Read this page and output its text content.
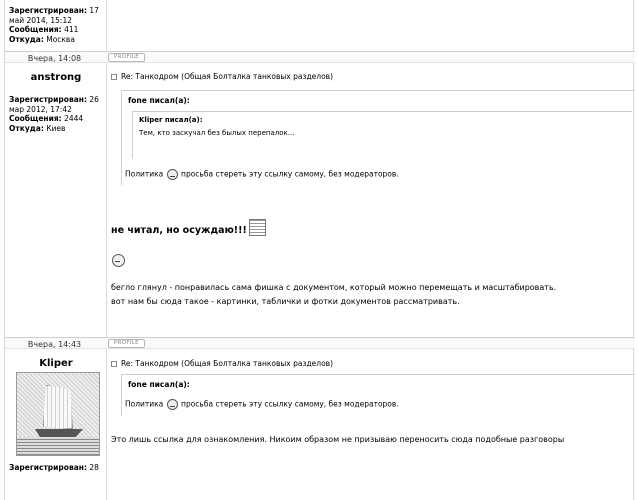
Зарегистрирован: 17
май 2014, 15:12
Сообщения: 411
Откуда: Москва
Вчера, 14:08	PROFILE
anstrong
Зарегистрирован: 26
мар 2012, 17:42
Сообщения: 2444
Откуда: Киев
Re: Танкодром (Общая Болталка танковых разделов)
fone писал(а):
Kliper писал(а):
Тем, кто заскучал без былых перепалок...
Политика просьба стереть эту ссылку самому, без модераторов.
не читал, но осуждаю!!!
бегло глянул - понравилась сама фишка с документом, который можно перемещать и масштабировать.
вот нам бы сюда такое - картинки, таблички и фотки документов рассматривать.
Вчера, 14:43	PROFILE
Kliper
Зарегистрирован: 28
Re: Танкодром (Общая Болталка танковых разделов)
fone писал(а):
Политика просьба стереть эту ссылку самому, без модераторов.
Это лишь ссылка для ознакомления. Никоим образом не призываю переносить сюда подобные разговоры
